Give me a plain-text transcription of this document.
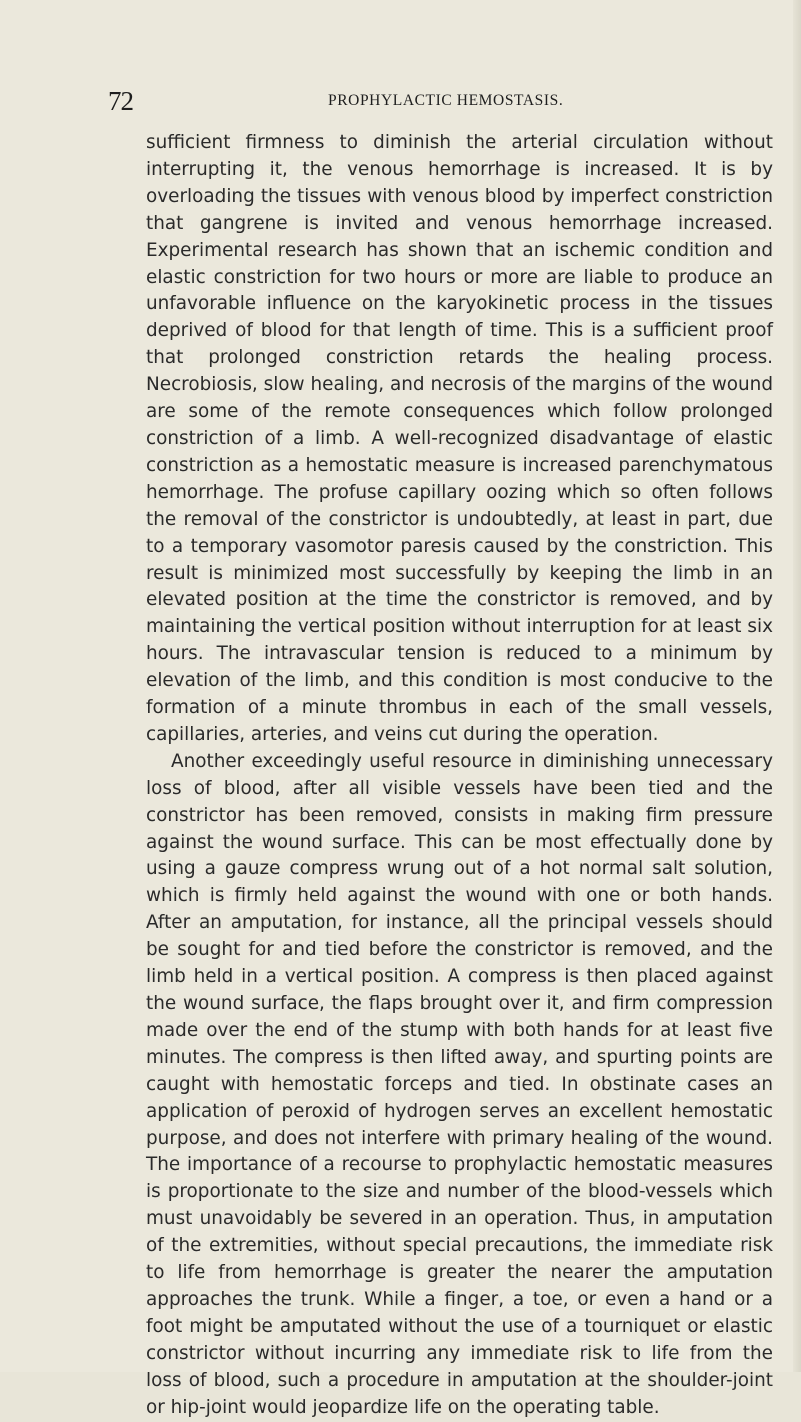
72	PROPHYLACTIC HEMOSTASIS.

sufficient firmness to diminish the arterial circulation without interrupting it, the venous hemorrhage is increased. It is by overloading the tissues with venous blood by imperfect constriction that gangrene is invited and venous hemorrhage increased. Experimental research has shown that an ischemic condition and elastic constriction for two hours or more are liable to produce an unfavorable influence on the karyokinetic process in the tissues deprived of blood for that length of time. This is a sufficient proof that prolonged constriction retards the healing process. Necrobiosis, slow healing, and necrosis of the margins of the wound are some of the remote consequences which follow prolonged constriction of a limb. A well-recognized disadvantage of elastic constriction as a hemostatic measure is increased parenchymatous hemorrhage. The profuse capillary oozing which so often follows the removal of the constrictor is undoubtedly, at least in part, due to a temporary vasomotor paresis caused by the constriction. This result is minimized most successfully by keeping the limb in an elevated position at the time the constrictor is removed, and by maintaining the vertical position without interruption for at least six hours. The intravascular tension is reduced to a minimum by elevation of the limb, and this condition is most conducive to the formation of a minute thrombus in each of the small vessels, capillaries, arteries, and veins cut during the operation.

Another exceedingly useful resource in diminishing unnecessary loss of blood, after all visible vessels have been tied and the constrictor has been removed, consists in making firm pressure against the wound surface. This can be most effectually done by using a gauze compress wrung out of a hot normal salt solution, which is firmly held against the wound with one or both hands. After an amputation, for instance, all the principal vessels should be sought for and tied before the constrictor is removed, and the limb held in a vertical position. A compress is then placed against the wound surface, the flaps brought over it, and firm compression made over the end of the stump with both hands for at least five minutes. The compress is then lifted away, and spurting points are caught with hemostatic forceps and tied. In obstinate cases an application of peroxid of hydrogen serves an excellent hemostatic purpose, and does not interfere with primary healing of the wound. The importance of a recourse to prophylactic hemostatic measures is proportionate to the size and number of the blood-vessels which must unavoidably be severed in an operation. Thus, in amputation of the extremities, without special precautions, the immediate risk to life from hemorrhage is greater the nearer the amputation approaches the trunk. While a finger, a toe, or even a hand or a foot might be amputated without the use of a tourniquet or elastic constrictor without incurring any immediate risk to life from the loss of blood, such a procedure in amputation at the shoulder-joint or hip-joint would jeopardize life on the operating table.
